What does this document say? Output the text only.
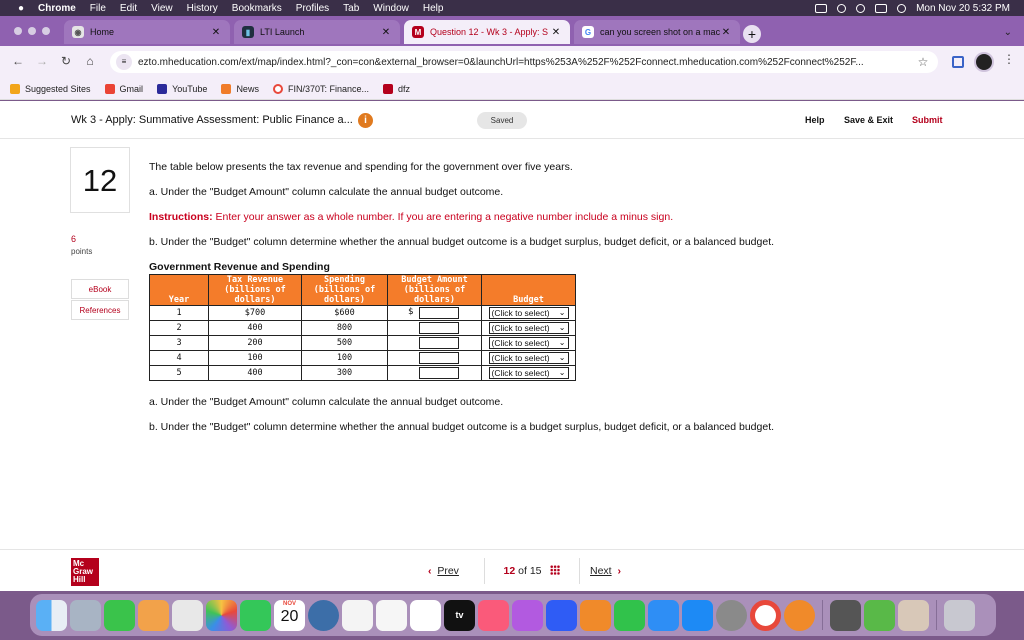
●	Chrome File Edit View History Bookmarks Profiles Tab Window Help	Mon Nov 20 5:32 PM
◉ Home	✕	▮	LTI Launch	✕	M Question 12 - Wk 3 - Apply: S ✕	G can you screen shot on a mac ✕	+	⌄
← → ↻	⌂	≡	ezto.mheducation.com/ext/map/index.html?_con=con&external_browser=0&launchUrl=https%253A%252F%252Fconnect.mheducation.com%252Fconnect%252F...	☆	⋮
Suggested Sites	Gmail	YouTube	News	FIN/370T: Finance...	dfz
Wk 3 - Apply: Summative Assessment: Public Finance a...	i	Saved	Help Save & Exit Submit
12
6
points
eBook
References
The table below presents the tax revenue and spending for the government over five years.
a. Under the "Budget Amount" column calculate the annual budget outcome.
Instructions: Enter your answer as a whole number. If you are entering a negative number include a minus sign.
b. Under the "Budget" column determine whether the annual budget outcome is a budget surplus, budget deficit, or a balanced budget.
Government Revenue and Spending
Year	Tax Revenue (billions of dollars)	Spending (billions of dollars)	Budget Amount (billions of dollars)	Budget
1	$700	$600	$	(Click to select) ⌄

2	400	800		(Click to select) ⌄

3	200	500		(Click to select) ⌄

4	100	100		(Click to select) ⌄

5	400	300		(Click to select) ⌄
a. Under the "Budget Amount" column calculate the annual budget outcome.
b. Under the "Budget" column determine whether the annual budget outcome is a budget surplus, budget deficit, or a balanced budget.
Mc Graw Hill
‹ Prev	12 of 15	Next ›
NOV
20	tv
